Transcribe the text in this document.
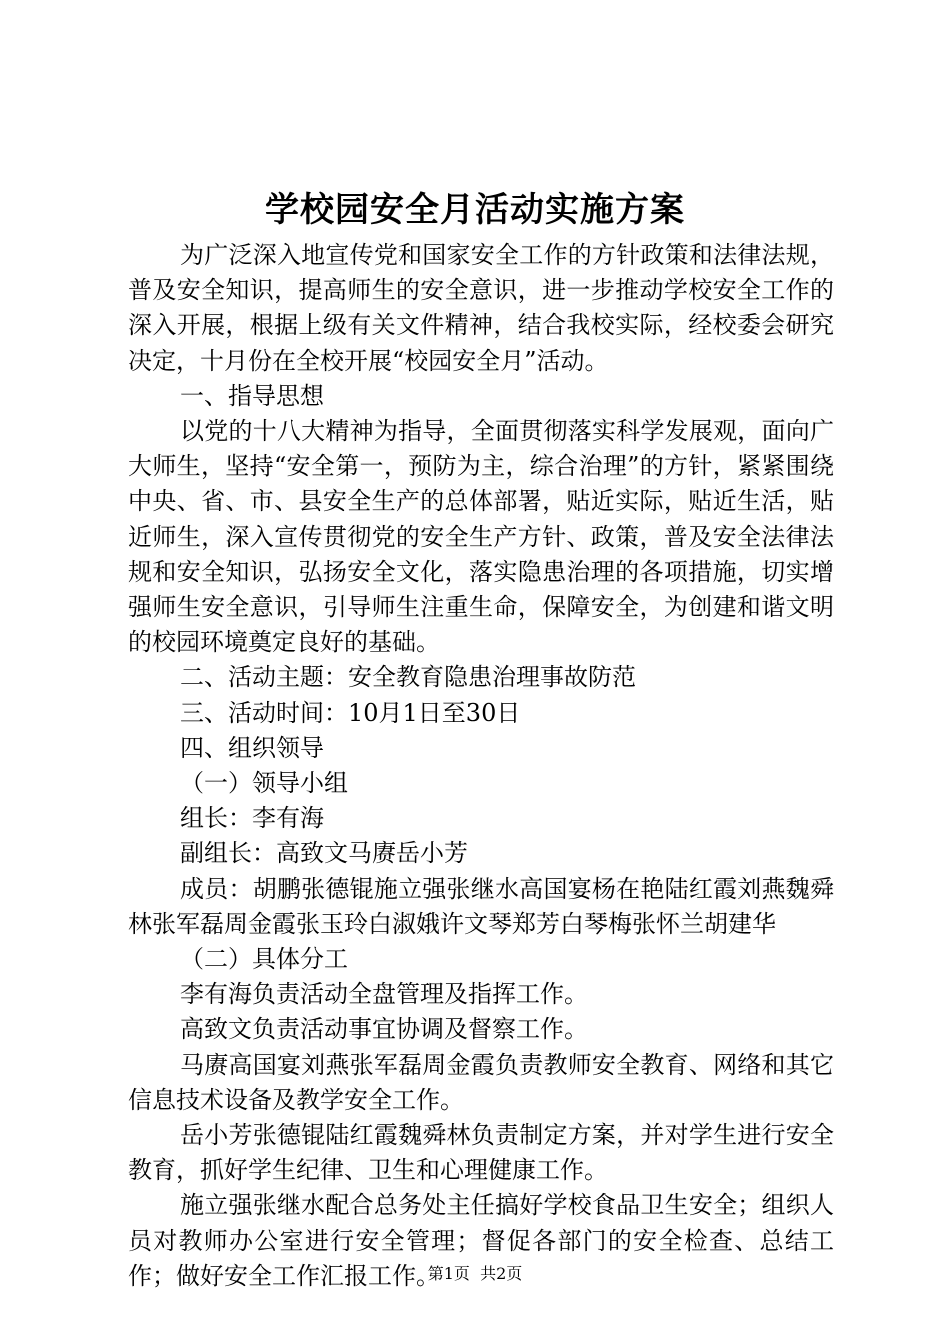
学校园安全月活动实施方案

为广泛深入地宣传党和国家安全工作的方针政策和法律法规，普及安全知识，提高师生的安全意识，进一步推动学校安全工作的深入开展，根据上级有关文件精神，结合我校实际，经校委会研究决定，十月份在全校开展“校园安全月”活动。

一、指导思想

以党的十八大精神为指导，全面贯彻落实科学发展观，面向广大师生，坚持“安全第一，预防为主，综合治理”的方针，紧紧围绕中央、省、市、县安全生产的总体部署，贴近实际，贴近生活，贴近师生，深入宣传贯彻党的安全生产方针、政策，普及安全法律法规和安全知识，弘扬安全文化，落实隐患治理的各项措施，切实增强师生安全意识，引导师生注重生命，保障安全，为创建和谐文明的校园环境奠定良好的基础。

二、活动主题：安全教育隐患治理事故防范

三、活动时间：10月1日至30日

四、组织领导

（一）领导小组

组长：李有海

副组长：高致文马赓岳小芳

成员：胡鹏张德锟施立强张继水高国宴杨在艳陆红霞刘燕魏舜林张军磊周金霞张玉玲白淑娥许文琴郑芳白琴梅张怀兰胡建华

（二）具体分工

李有海负责活动全盘管理及指挥工作。

高致文负责活动事宜协调及督察工作。

马赓高国宴刘燕张军磊周金霞负责教师安全教育、网络和其它信息技术设备及教学安全工作。

岳小芳张德锟陆红霞魏舜林负责制定方案，并对学生进行安全教育，抓好学生纪律、卫生和心理健康工作。

施立强张继水配合总务处主任搞好学校食品卫生安全；组织人员对教师办公室进行安全管理；督促各部门的安全检查、总结工作；做好安全工作汇报工作。

第1页 共2页
